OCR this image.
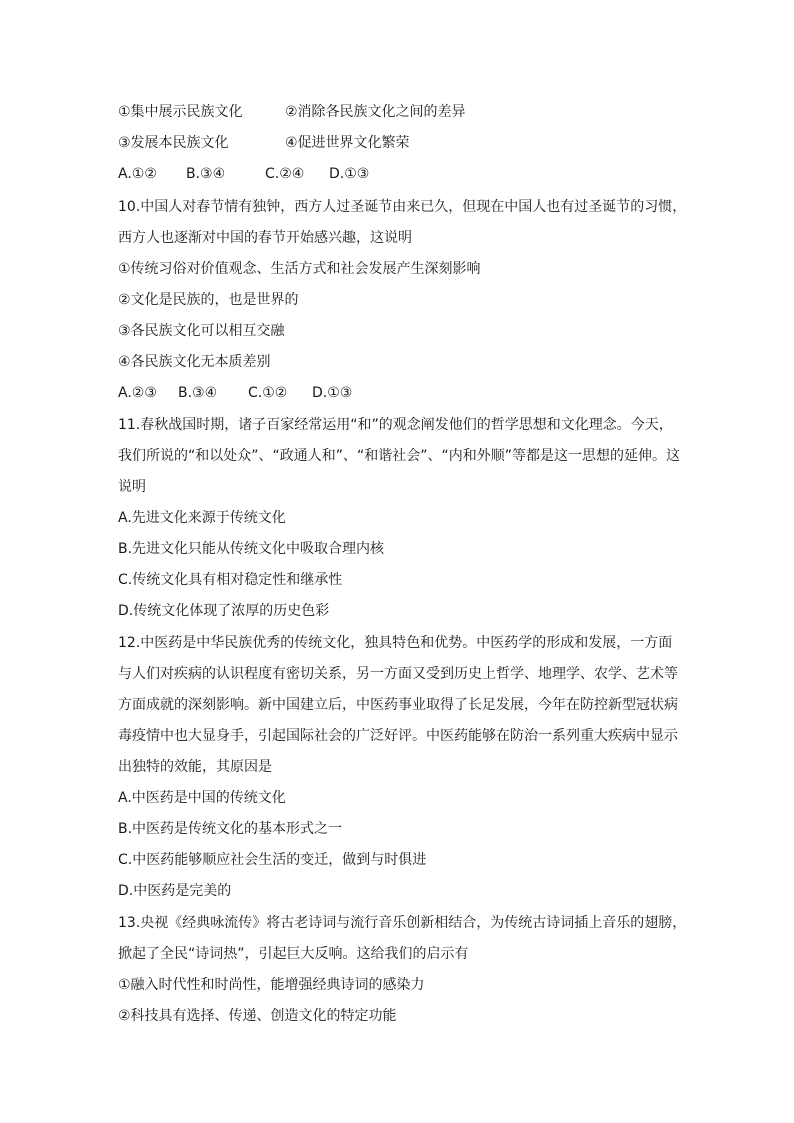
①集中展示民族文化	②消除各民族文化之间的差异
③发展本民族文化	④促进世界文化繁荣
A.①② B.③④	C.②④ D.①③
10.中国人对春节情有独钟，西方人过圣诞节由来已久，但现在中国人也有过圣诞节的习惯，
西方人也逐渐对中国的春节开始感兴趣，这说明
①传统习俗对价值观念、生活方式和社会发展产生深刻影响
②文化是民族的，也是世界的
③各民族文化可以相互交融
④各民族文化无本质差别
A.②③ B.③④ C.①② D.①③
11.春秋战国时期，诸子百家经常运用“和”的观念阐发他们的哲学思想和文化理念。今天，
我们所说的“和以处众”、“政通人和”、“和谐社会”、“内和外顺”等都是这一思想的延伸。这
说明
A.先进文化来源于传统文化
B.先进文化只能从传统文化中吸取合理内核
C.传统文化具有相对稳定性和继承性
D.传统文化体现了浓厚的历史色彩
12.中医药是中华民族优秀的传统文化，独具特色和优势。中医药学的形成和发展，一方面
与人们对疾病的认识程度有密切关系，另一方面又受到历史上哲学、地理学、农学、艺术等
方面成就的深刻影响。新中国建立后，中医药事业取得了长足发展，今年在防控新型冠状病
毒疫情中也大显身手，引起国际社会的广泛好评。中医药能够在防治一系列重大疾病中显示
出独特的效能，其原因是
A.中医药是中国的传统文化
B.中医药是传统文化的基本形式之一
C.中医药能够顺应社会生活的变迁，做到与时俱进
D.中医药是完美的
13.央视《经典咏流传》将古老诗词与流行音乐创新相结合，为传统古诗词插上音乐的翅膀，
掀起了全民“诗词热”，引起巨大反响。这给我们的启示有
①融入时代性和时尚性，能增强经典诗词的感染力
②科技具有选择、传递、创造文化的特定功能
